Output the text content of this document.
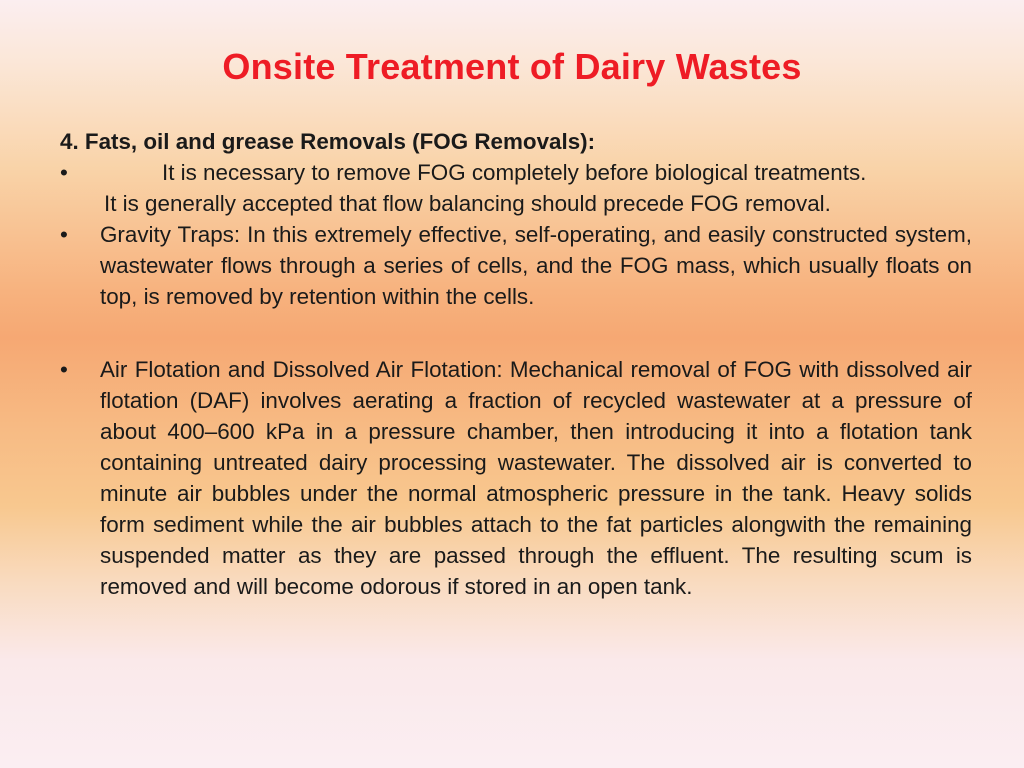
Onsite Treatment of Dairy Wastes
4. Fats, oil and grease Removals (FOG Removals):
•	It is necessary to remove FOG completely before biological treatments.
It is generally accepted that flow balancing should precede FOG removal.
• Gravity Traps: In this extremely effective, self-operating, and easily constructed system, wastewater flows through a series of cells, and the FOG mass, which usually floats on top, is removed by retention within the cells.
• Air Flotation and Dissolved Air Flotation: Mechanical removal of FOG with dissolved air flotation (DAF) involves aerating a fraction of recycled wastewater at a pressure of about 400–600 kPa in a pressure chamber, then introducing it into a flotation tank containing untreated dairy processing wastewater. The dissolved air is converted to minute air bubbles under the normal atmospheric pressure in the tank. Heavy solids form sediment while the air bubbles attach to the fat particles alongwith the remaining suspended matter as they are passed through the effluent. The resulting scum is removed and will become odorous if stored in an open tank.
